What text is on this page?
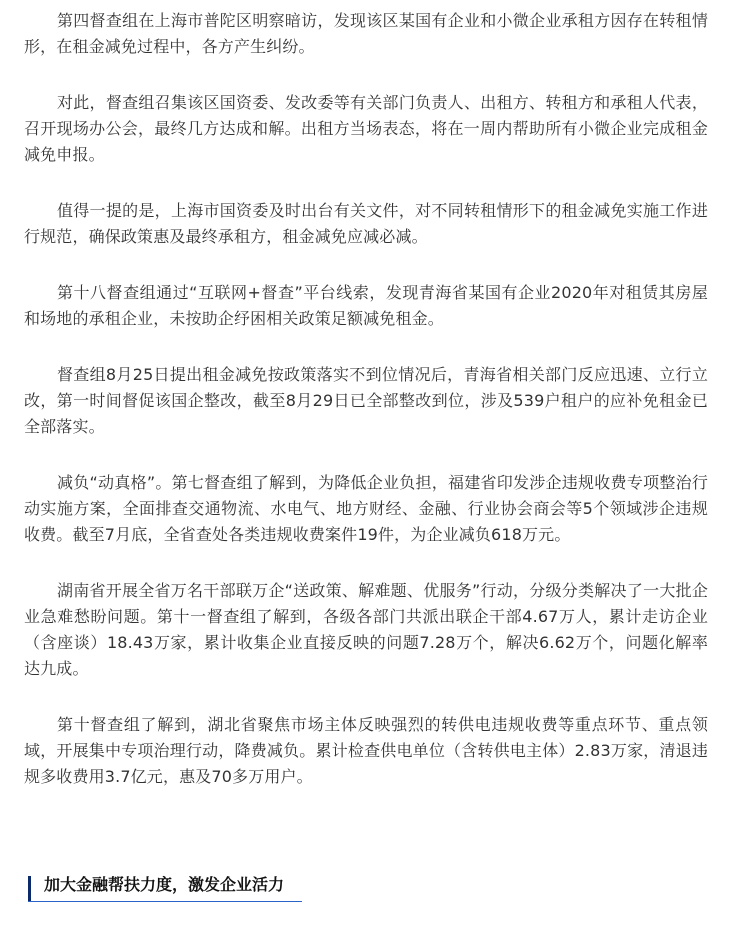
第四督查组在上海市普陀区明察暗访，发现该区某国有企业和小微企业承租方因存在转租情形，在租金减免过程中，各方产生纠纷。

对此，督查组召集该区国资委、发改委等有关部门负责人、出租方、转租方和承租人代表，召开现场办公会，最终几方达成和解。出租方当场表态，将在一周内帮助所有小微企业完成租金减免申报。

值得一提的是，上海市国资委及时出台有关文件，对不同转租情形下的租金减免实施工作进行规范，确保政策惠及最终承租方，租金减免应减必减。

第十八督查组通过“互联网+督查”平台线索，发现青海省某国有企业2020年对租赁其房屋和场地的承租企业，未按助企纾困相关政策足额减免租金。

督查组8月25日提出租金减免按政策落实不到位情况后，青海省相关部门反应迅速、立行立改，第一时间督促该国企整改，截至8月29日已全部整改到位，涉及539户租户的应补免租金已全部落实。

减负“动真格”。第七督查组了解到，为降低企业负担，福建省印发涉企违规收费专项整治行动实施方案，全面排查交通物流、水电气、地方财经、金融、行业协会商会等5个领域涉企违规收费。截至7月底，全省查处各类违规收费案件19件，为企业减负618万元。

湖南省开展全省万名干部联万企“送政策、解难题、优服务”行动，分级分类解决了一大批企业急难愁盼问题。第十一督查组了解到，各级各部门共派出联企干部4.67万人，累计走访企业（含座谈）18.43万家，累计收集企业直接反映的问题7.28万个，解决6.62万个，问题化解率达九成。

第十督查组了解到，湖北省聚焦市场主体反映强烈的转供电违规收费等重点环节、重点领域，开展集中专项治理行动，降费减负。累计检查供电单位（含转供电主体）2.83万家，清退违规多收费用3.7亿元，惠及70多万用户。

加大金融帮扶力度，激发企业活力
